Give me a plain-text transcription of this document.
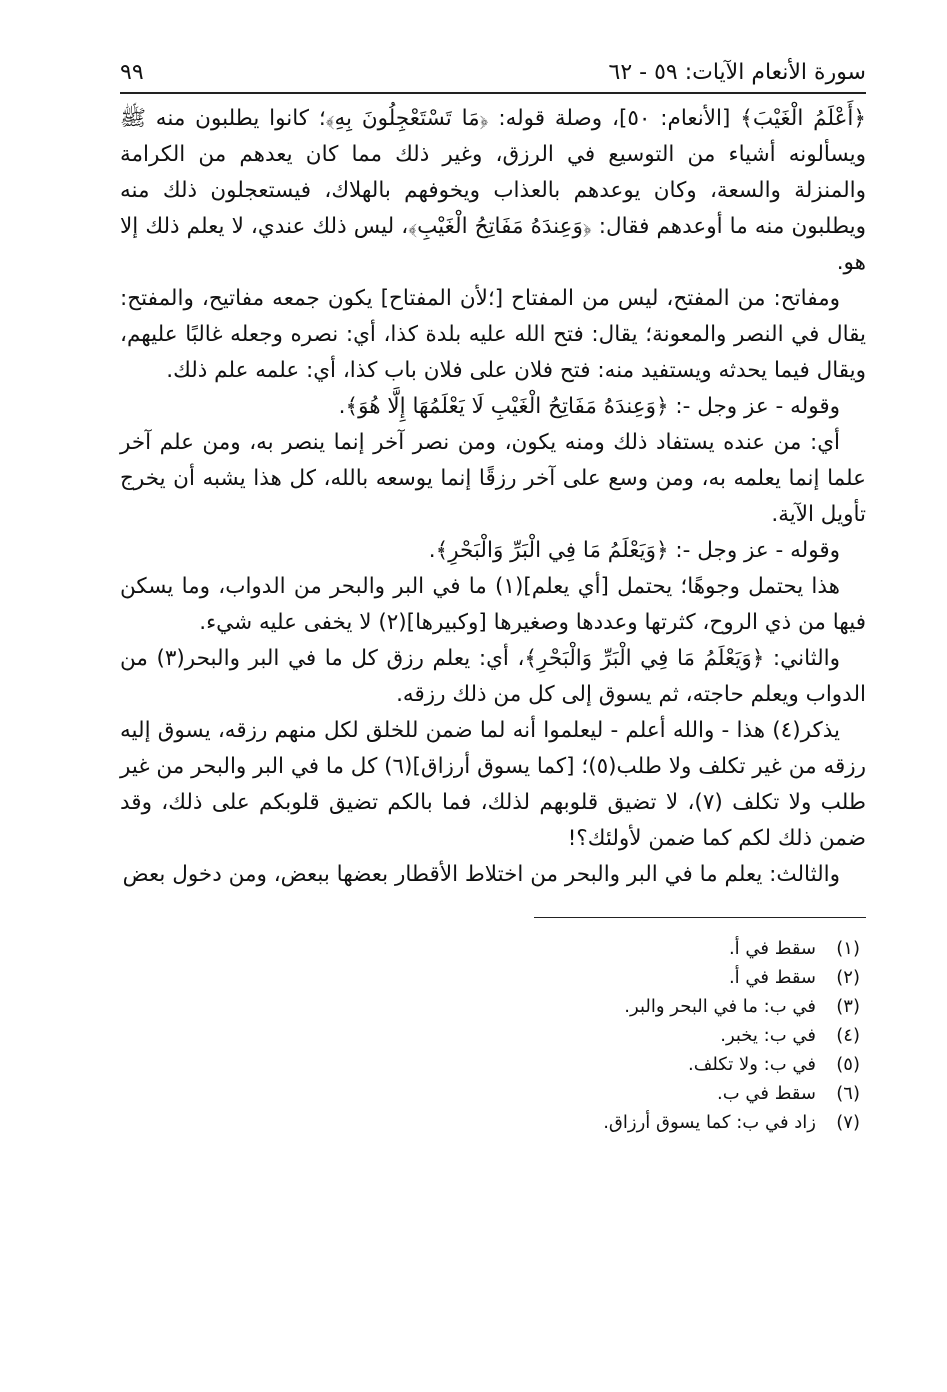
سورة الأنعام الآيات: ٥٩ - ٦٢
٩٩

﴿أَعْلَمُ الْغَيْبَ﴾ [الأنعام: ٥٠]، وصلة قوله: ﴿مَا تَسْتَعْجِلُونَ بِهِ﴾؛ كانوا يطلبون منه ﷺ ويسألونه أشياء من التوسيع في الرزق، وغير ذلك مما كان يعدهم من الكرامة والمنزلة والسعة، وكان يوعدهم بالعذاب ويخوفهم بالهلاك، فيستعجلون ذلك منه ويطلبون منه ما أوعدهم فقال: ﴿وَعِندَهُ مَفَاتِحُ الْغَيْبِ﴾، ليس ذلك عندي، لا يعلم ذلك إلا هو.

ومفاتح: من المفتح، ليس من المفتاح [؛لأن المفتاح] يكون جمعه مفاتيح، والمفتح: يقال في النصر والمعونة؛ يقال: فتح الله عليه بلدة كذا، أي: نصره وجعله غالبًا عليهم، ويقال فيما يحدثه ويستفيد منه: فتح فلان على فلان باب كذا، أي: علمه علم ذلك.

وقوله - عز وجل -: ﴿وَعِندَهُ مَفَاتِحُ الْغَيْبِ لَا يَعْلَمُهَا إِلَّا هُوَ﴾.

أي: من عنده يستفاد ذلك ومنه يكون، ومن نصر آخر إنما ينصر به، ومن علم آخر علما إنما يعلمه به، ومن وسع على آخر رزقًا إنما يوسعه بالله، كل هذا يشبه أن يخرج تأويل الآية.

وقوله - عز وجل -: ﴿وَيَعْلَمُ مَا فِي الْبَرِّ وَالْبَحْرِ﴾.

هذا يحتمل وجوهًا؛ يحتمل [أي يعلم](١) ما في البر والبحر من الدواب، وما يسكن فيها من ذي الروح، كثرتها وعددها وصغيرها [وكبيرها](٢) لا يخفى عليه شيء.

والثاني: ﴿وَيَعْلَمُ مَا فِي الْبَرِّ وَالْبَحْرِ﴾، أي: يعلم رزق كل ما في البر والبحر(٣) من الدواب ويعلم حاجته، ثم يسوق إلى كل من ذلك رزقه.

يذكر(٤) هذا - والله أعلم - ليعلموا أنه لما ضمن للخلق لكل منهم رزقه، يسوق إليه رزقه من غير تكلف ولا طلب(٥)؛ [كما يسوق أرزاق](٦) كل ما في البر والبحر من غير طلب ولا تكلف (٧)، لا تضيق قلوبهم لذلك، فما بالكم تضيق قلوبكم على ذلك، وقد ضمن ذلك لكم كما ضمن لأولئك؟!

والثالث: يعلم ما في البر والبحر من اختلاط الأقطار بعضها ببعض، ومن دخول بعض

(١)
سقط في أ.
(٢)
سقط في أ.
(٣)
في ب: ما في البحر والبر.
(٤)
في ب: يخبر.
(٥)
في ب: ولا تكلف.
(٦)
سقط في ب.
(٧)
زاد في ب: كما يسوق أرزاق.
